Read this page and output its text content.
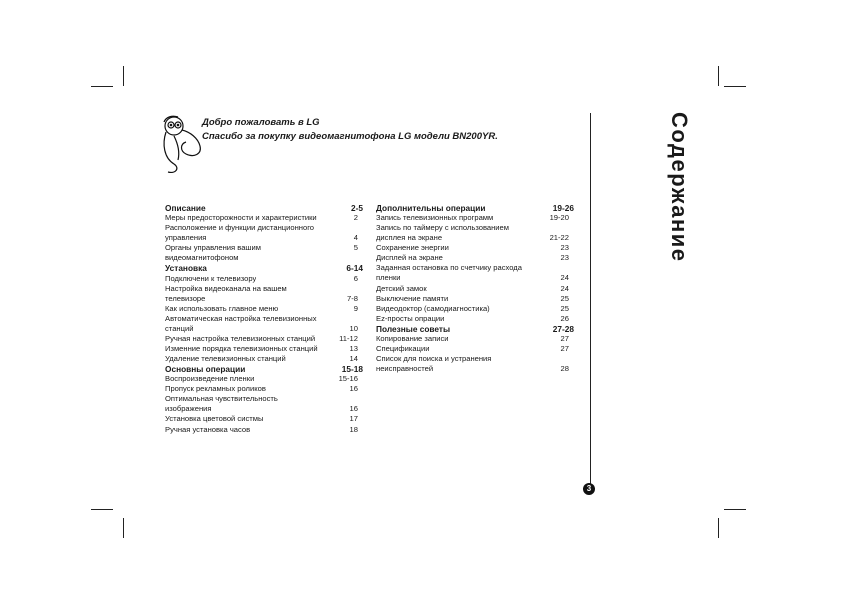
Содержание
Добро пожаловать в LG
Спасибо за покупку видеомагнитофона LG модели BN200YR.
Описание	2-5
Меры предосторожности и характеристики	2
Расположение и функции дистанционного
управления	4
Органы управления вашим	5
видеомагнитофоном
Установка	6-14
Подключени к телевизору	6
Настройка видеоканала на вашем
телевизоре	7-8
Как использовать главное меню	9
Автоматическая настройка телевизионных
станций	10
Ручная настройка телевизионных станций	11-12
Изменние порядка телевизионных станций	13
Удаление телевизионных станций	14
Основны операции	15-18
Воспроизведение пленки	15-16
Пропуск рекламных роликов	16
Оптимальная чувствительность
изображения	16
Установка цветовой систмы	17
Ручная установка часов	18
Дополнительны операции	19-26
Запись телевизионных программ	19-20
Запись по таймеру с использованием
дисплея на экране	21-22
Сохранение энергии	23
Дисплей на экране	23
Заданная остановка по счетчику расхода
пленки	24
Детский замок	24
Выключение памяти	25
Видеодоктор (самодиагностика)	25
Ez-просты опрации	26
Полезные советы	27-28
Копирование записи	27
Спецификации	27
Список для поиска и устранения
неисправностей	28
3
